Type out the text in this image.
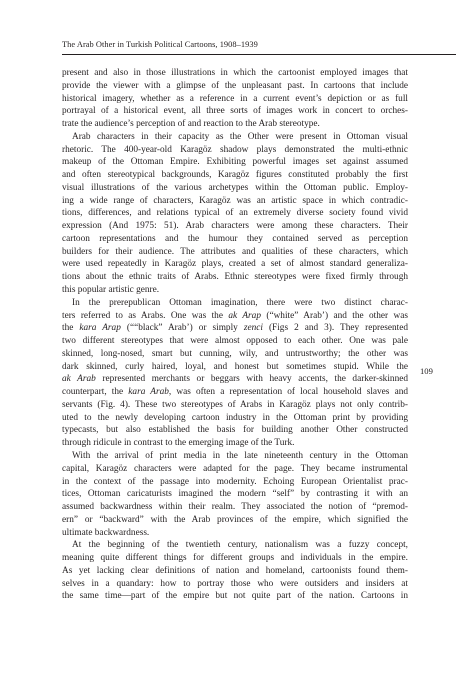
The Arab Other in Turkish Political Cartoons, 1908–1939
109
present and also in those illustrations in which the cartoonist employed images that
provide the viewer with a glimpse of the unpleasant past. In cartoons that include
historical imagery, whether as a reference in a current event’s depiction or as full
portrayal of a historical event, all three sorts of images work in concert to orches-
trate the audience’s perception of and reaction to the Arab stereotype.
Arab characters in their capacity as the Other were present in Ottoman visual
rhetoric. The 400-year-old Karagöz shadow plays demonstrated the multi-ethnic
makeup of the Ottoman Empire. Exhibiting powerful images set against assumed
and often stereotypical backgrounds, Karagöz figures constituted probably the first
visual illustrations of the various archetypes within the Ottoman public. Employ-
ing a wide range of characters, Karagöz was an artistic space in which contradic-
tions, differences, and relations typical of an extremely diverse society found vivid
expression (And 1975: 51). Arab characters were among these characters. Their
cartoon representations and the humour they contained served as perception
builders for their audience. The attributes and qualities of these characters, which
were used repeatedly in Karagöz plays, created a set of almost standard generaliza-
tions about the ethnic traits of Arabs. Ethnic stereotypes were fixed firmly through
this popular artistic genre.
In the prerepublican Ottoman imagination, there were two distinct charac-
ters referred to as Arabs. One was the ak Arap (“white” Arab’) and the other was
the kara Arap (““black” Arab’) or simply zenci (Figs 2 and 3). They represented
two different stereotypes that were almost opposed to each other. One was pale
skinned, long-nosed, smart but cunning, wily, and untrustworthy; the other was
dark skinned, curly haired, loyal, and honest but sometimes stupid. While the
ak Arab represented merchants or beggars with heavy accents, the darker-skinned
counterpart, the kara Arab, was often a representation of local household slaves and
servants (Fig. 4). These two stereotypes of Arabs in Karagöz plays not only contrib-
uted to the newly developing cartoon industry in the Ottoman print by providing
typecasts, but also established the basis for building another Other constructed
through ridicule in contrast to the emerging image of the Turk.
With the arrival of print media in the late nineteenth century in the Ottoman
capital, Karagöz characters were adapted for the page. They became instrumental
in the context of the passage into modernity. Echoing European Orientalist prac-
tices, Ottoman caricaturists imagined the modern “self” by contrasting it with an
assumed backwardness within their realm. They associated the notion of “premod-
ern” or “backward” with the Arab provinces of the empire, which signified the
ultimate backwardness.
At the beginning of the twentieth century, nationalism was a fuzzy concept,
meaning quite different things for different groups and individuals in the empire.
As yet lacking clear definitions of nation and homeland, cartoonists found them-
selves in a quandary: how to portray those who were outsiders and insiders at
the same time—part of the empire but not quite part of the nation. Cartoons in
